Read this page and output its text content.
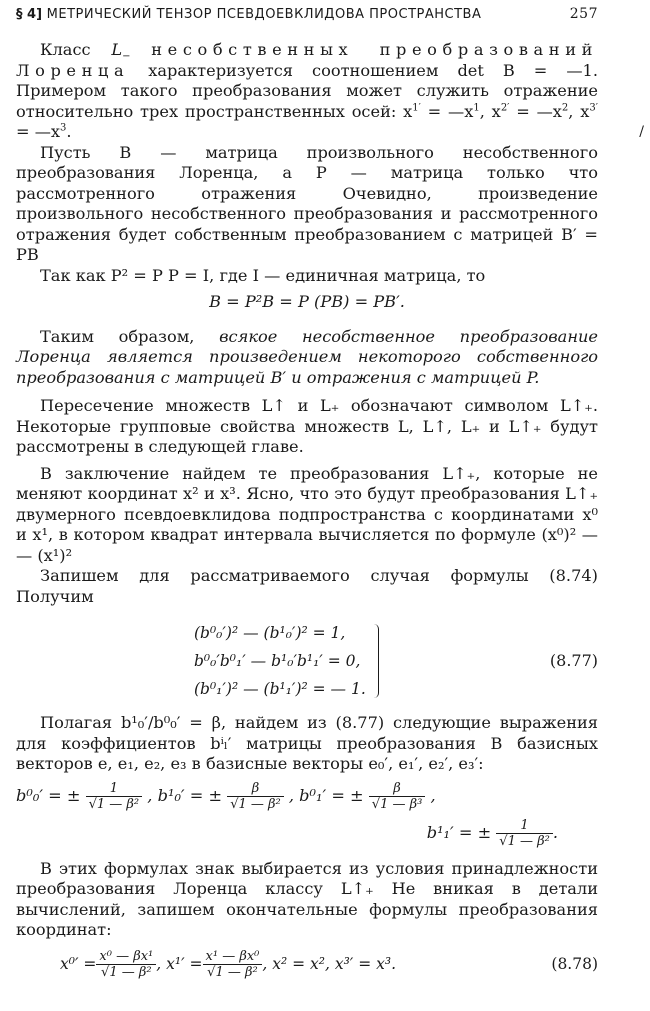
§ 4] МЕТРИЧЕСКИЙ ТЕНЗОР ПСЕВДОЕВКЛИДОВА ПРОСТРАНСТВА	257
/

Класс $L_-$ несобственных преобразований Лоренца характеризуется соотношением det B = —1. Примером такого преобразования может служить отражение относительно трех пространственных осей: $x^{1'}$ = $—x^1$, $x^{2'}$ = $—x^2$, $x^{3'}$ = $—x^3$.

Пусть B — матрица произвольного несобственного преобразования Лоренца, а P — матрица только что рассмотренного отражения Очевидно, произведение произвольного несобственного преобразования и рассмотренного отражения будет собственным преобразованием с матрицей B′ = PB

Так как P² = P P = I, где I — единичная матрица, то

B = P²B = P (PB) = PB′.

Таким образом, всякое несобственное преобразование Лоренца является произведением некоторого собственного преобразования с матрицей B′ и отражения с матрицей P.

Пересечение множеств L↑ и L₊ обозначают символом L↑₊. Некоторые групповые свойства множеств L, L↑, L₊ и L↑₊ будут рассмотрены в следующей главе.

В заключение найдем те преобразования L↑₊, которые не меняют координат x² и x³. Ясно, что это будут преобразования L↑₊ двумерного псевдоевклидова подпространства с координатами x⁰ и x¹, в котором квадрат интервала вычисляется по формуле (x⁰)² — — (x¹)²

Запишем для рассматриваемого случая формулы (8.74) Получим

(b⁰₀′)² — (b¹₀′)² = 1,
b⁰₀′b⁰₁′ — b¹₀′b¹₁′ = 0,
(b⁰₁′)² — (b¹₁′)² = — 1.
(8.77)

Полагая b¹₀′/b⁰₀′ = β, найдем из (8.77) следующие выражения для коэффициентов bⁱₗ′ матрицы преобразования B базисных векторов e, e₁, e₂, e₃ в базисные векторы e₀′, e₁′, e₂′, e₃′:

b⁰₀′ = ± $\frac{1}{\text{√1 — β²}}$ , b¹₀′ = ± $\frac{\beta}{\text{√1 — β²}}$ , b⁰₁′ = ± $\frac{\beta}{\text{√1 — β³}}$ ,
b¹₁′ = ± $\frac{1}{\text{√1 — β²}}$ .

В этих формулах знак выбирается из условия принадлежности преобразования Лоренца классу L↑₊ Не вникая в детали вычислений, запишем окончательные формулы преобразования координат:

$x^0' = \frac{\text{x⁰ — βx¹}}{\text{√1 — β²}}$ , $x^1' = \frac{\text{x¹ — βx⁰}}{\text{√1 — β²}}$ , x² = x², x³′ = x³.	(8.78)
